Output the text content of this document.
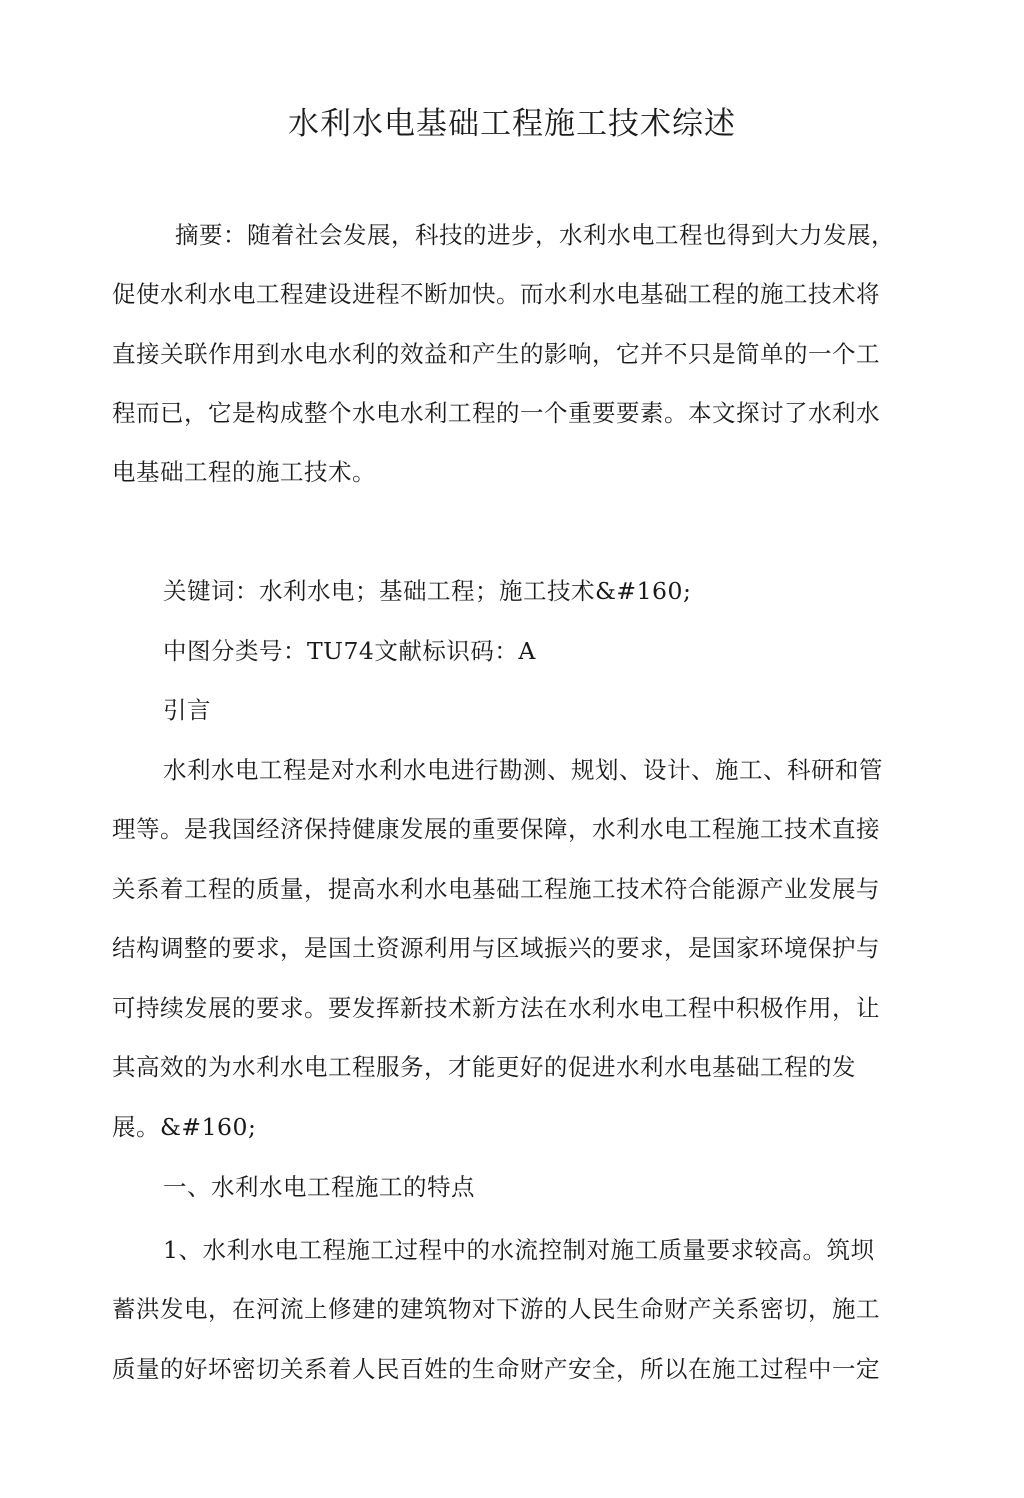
水利水电基础工程施工技术综述

摘要：随着社会发展，科技的进步，水利水电工程也得到大力发展，

促使水利水电工程建设进程不断加快。而水利水电基础工程的施工技术将

直接关联作用到水电水利的效益和产生的影响，它并不只是简单的一个工

程而已，它是构成整个水电水利工程的一个重要要素。本文探讨了水利水

电基础工程的施工技术。

关键词：水利水电；基础工程；施工技术&#160;

中图分类号：TU74文献标识码：A

引言

水利水电工程是对水利水电进行勘测、规划、设计、施工、科研和管

理等。是我国经济保持健康发展的重要保障，水利水电工程施工技术直接

关系着工程的质量，提高水利水电基础工程施工技术符合能源产业发展与

结构调整的要求，是国土资源利用与区域振兴的要求，是国家环境保护与

可持续发展的要求。要发挥新技术新方法在水利水电工程中积极作用，让

其高效的为水利水电工程服务，才能更好的促进水利水电基础工程的发

展。&#160;

一、水利水电工程施工的特点

1、水利水电工程施工过程中的水流控制对施工质量要求较高。筑坝

蓄洪发电，在河流上修建的建筑物对下游的人民生命财产关系密切，施工

质量的好坏密切关系着人民百姓的生命财产安全，所以在施工过程中一定
